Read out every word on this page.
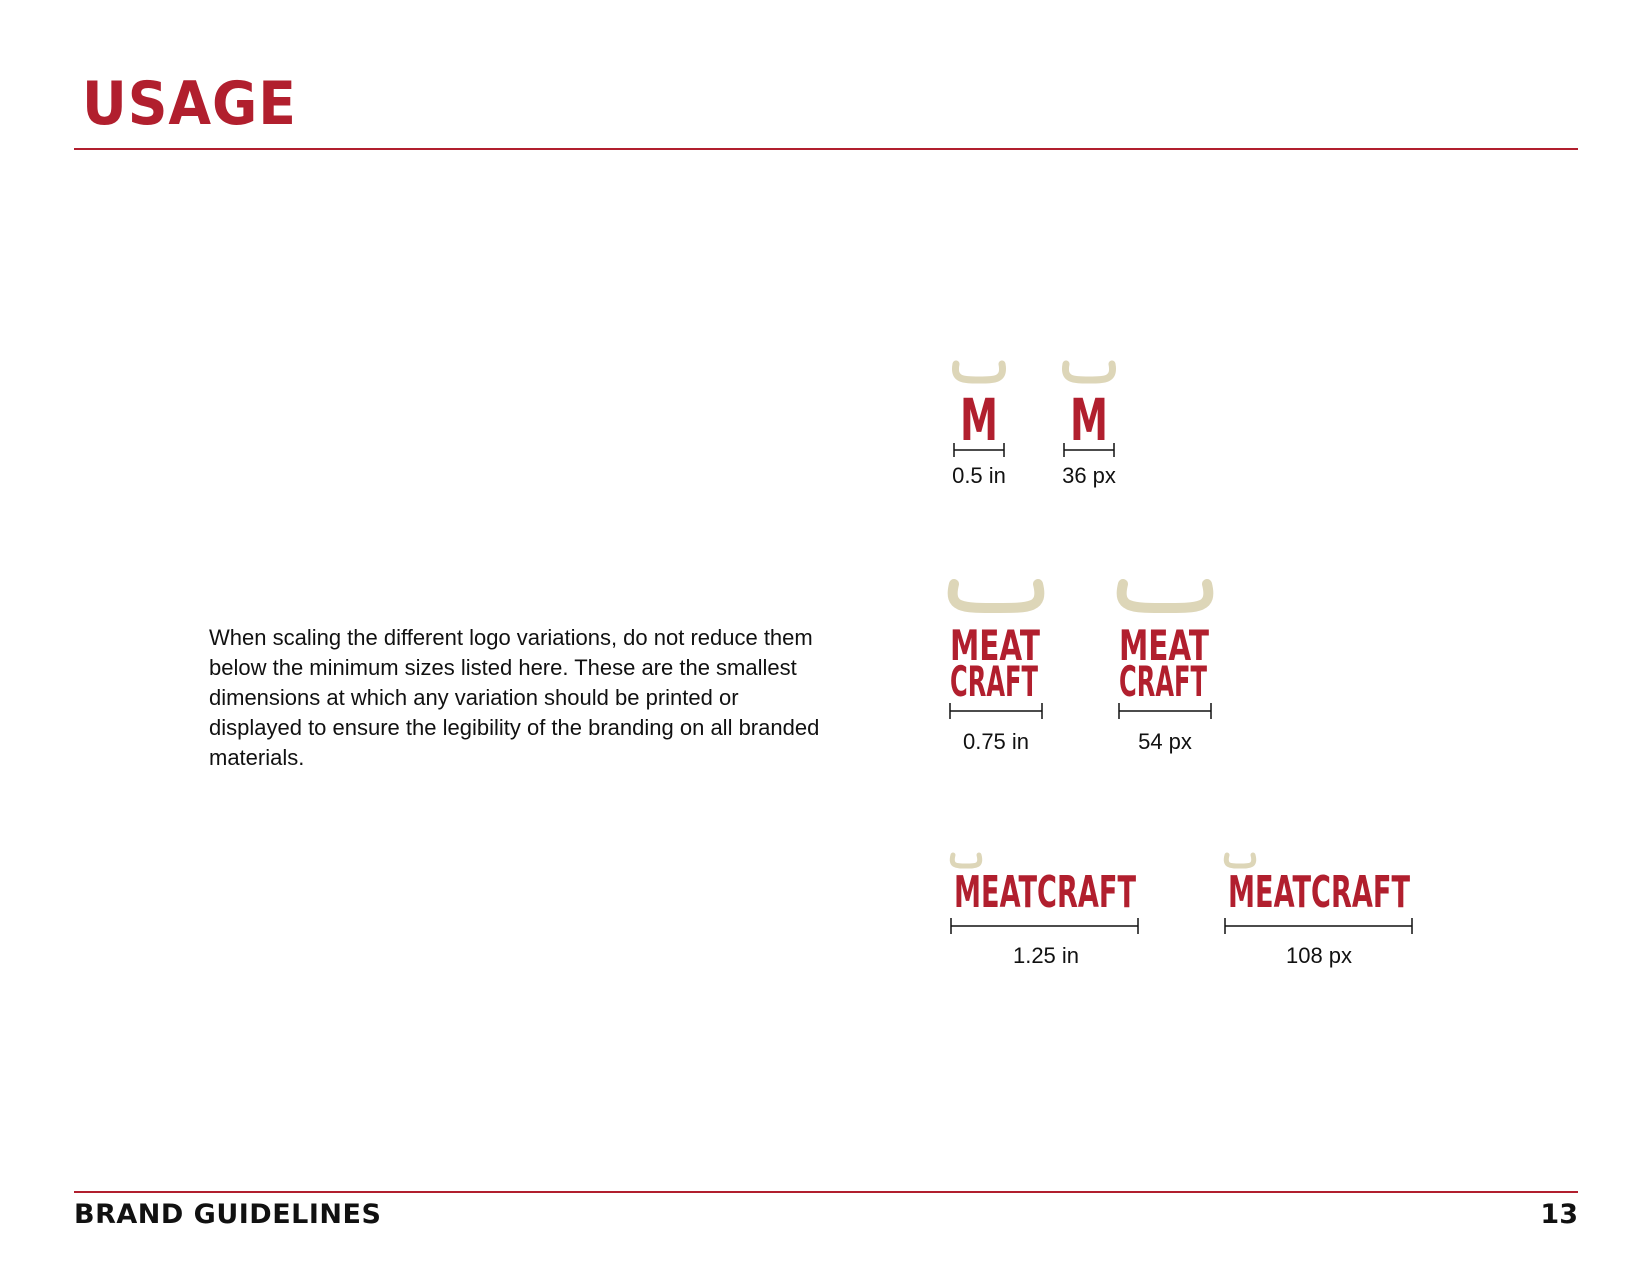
USAGE

When scaling the different logo variations, do not reduce them below the minimum sizes listed here. These are the smallest dimensions at which any variation should be printed or displayed to ensure the legibility of the branding on all branded materials.

M
0.5 in
M
36 px
MEAT
CRAFT
0.75 in
MEAT
CRAFT
54 px
MEATCRAFT
1.25 in
MEATCRAFT
108 px
BRAND GUIDELINES	13
